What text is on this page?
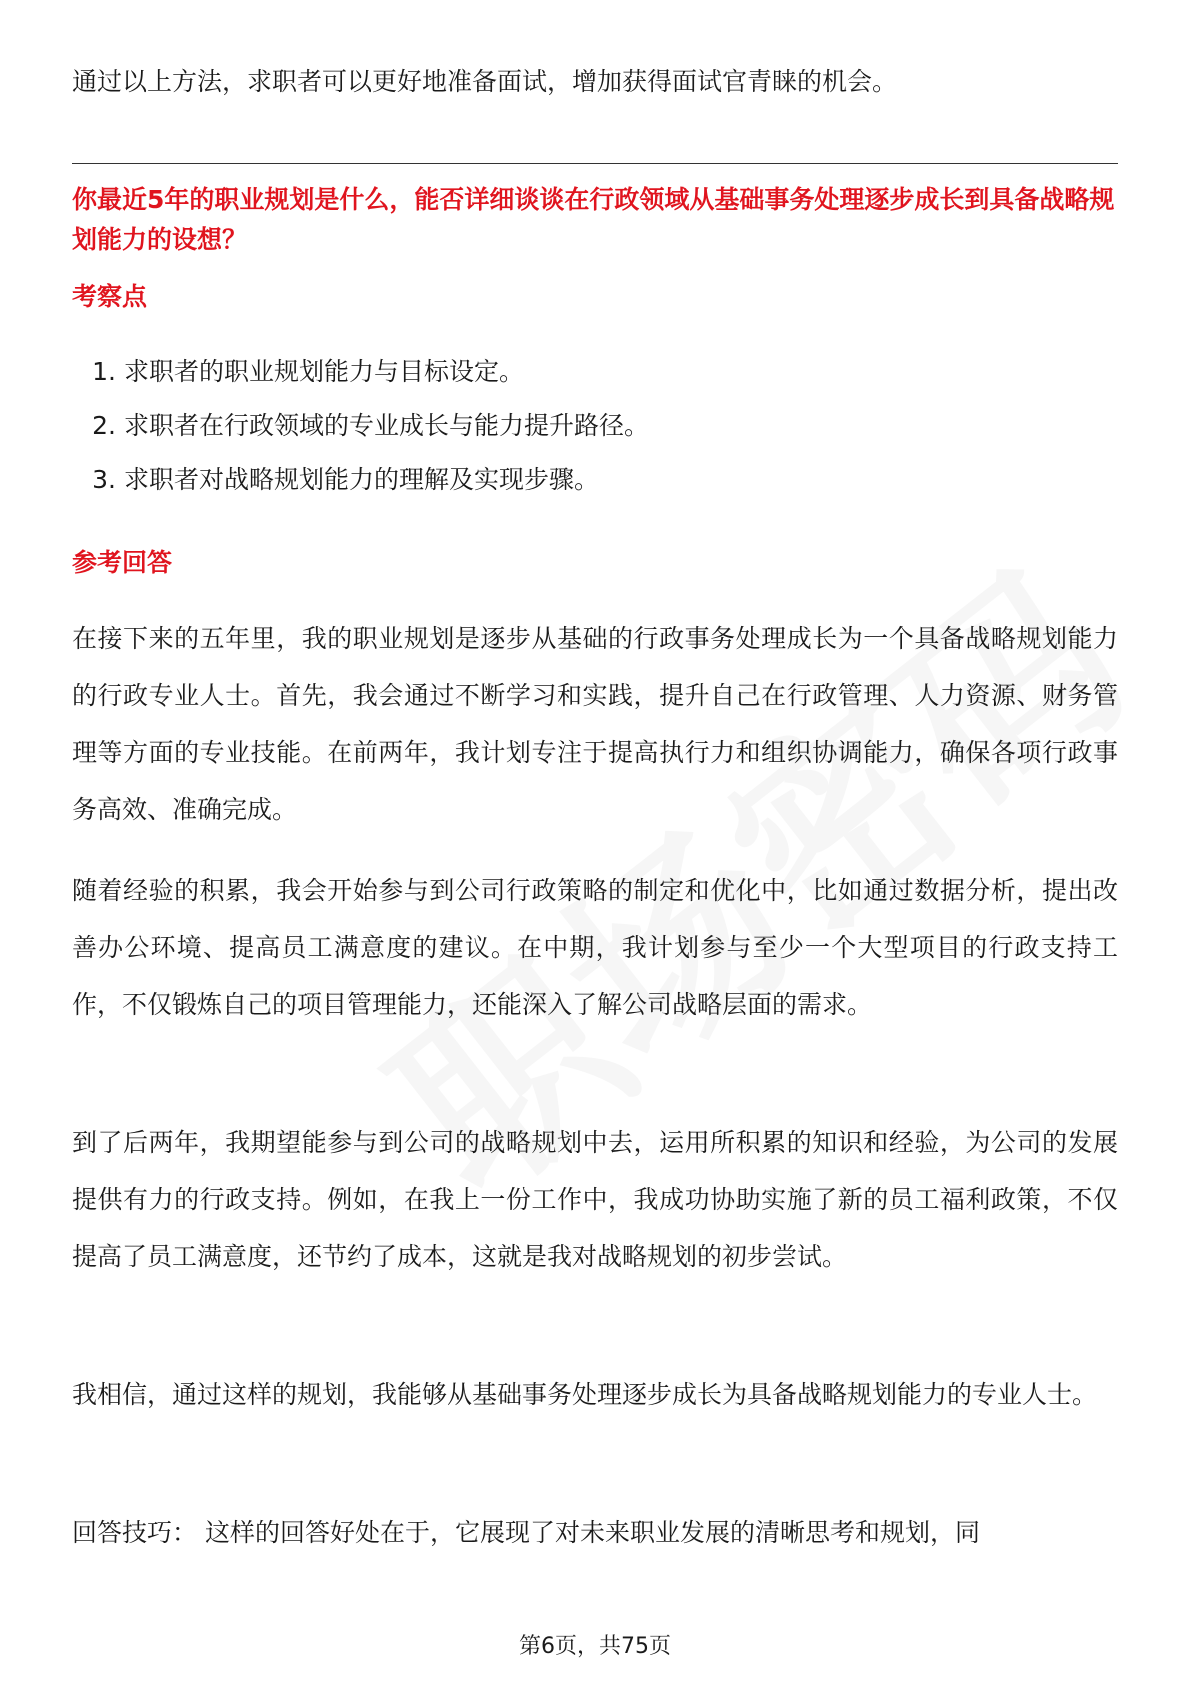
通过以上方法，求职者可以更好地准备面试，增加获得面试官青睐的机会。

你最近5年的职业规划是什么，能否详细谈谈在行政领域从基础事务处理逐步成长到具备战略规划能力的设想？
考察点
1. 求职者的职业规划能力与目标设定。
2. 求职者在行政领域的专业成长与能力提升路径。
3. 求职者对战略规划能力的理解及实现步骤。
参考回答

在接下来的五年里，我的职业规划是逐步从基础的行政事务处理成长为一个具备战略规划能力的行政专业人士。首先，我会通过不断学习和实践，提升自己在行政管理、人力资源、财务管理等方面的专业技能。在前两年，我计划专注于提高执行力和组织协调能力，确保各项行政事务高效、准确完成。

随着经验的积累，我会开始参与到公司行政策略的制定和优化中，比如通过数据分析，提出改善办公环境、提高员工满意度的建议。在中期，我计划参与至少一个大型项目的行政支持工作，不仅锻炼自己的项目管理能力，还能深入了解公司战略层面的需求。

到了后两年，我期望能参与到公司的战略规划中去，运用所积累的知识和经验，为公司的发展提供有力的行政支持。例如，在我上一份工作中，我成功协助实施了新的员工福利政策，不仅提高了员工满意度，还节约了成本，这就是我对战略规划的初步尝试。

我相信，通过这样的规划，我能够从基础事务处理逐步成长为具备战略规划能力的专业人士。

回答技巧： 这样的回答好处在于，它展现了对未来职业发展的清晰思考和规划，同

第6页，共75页
